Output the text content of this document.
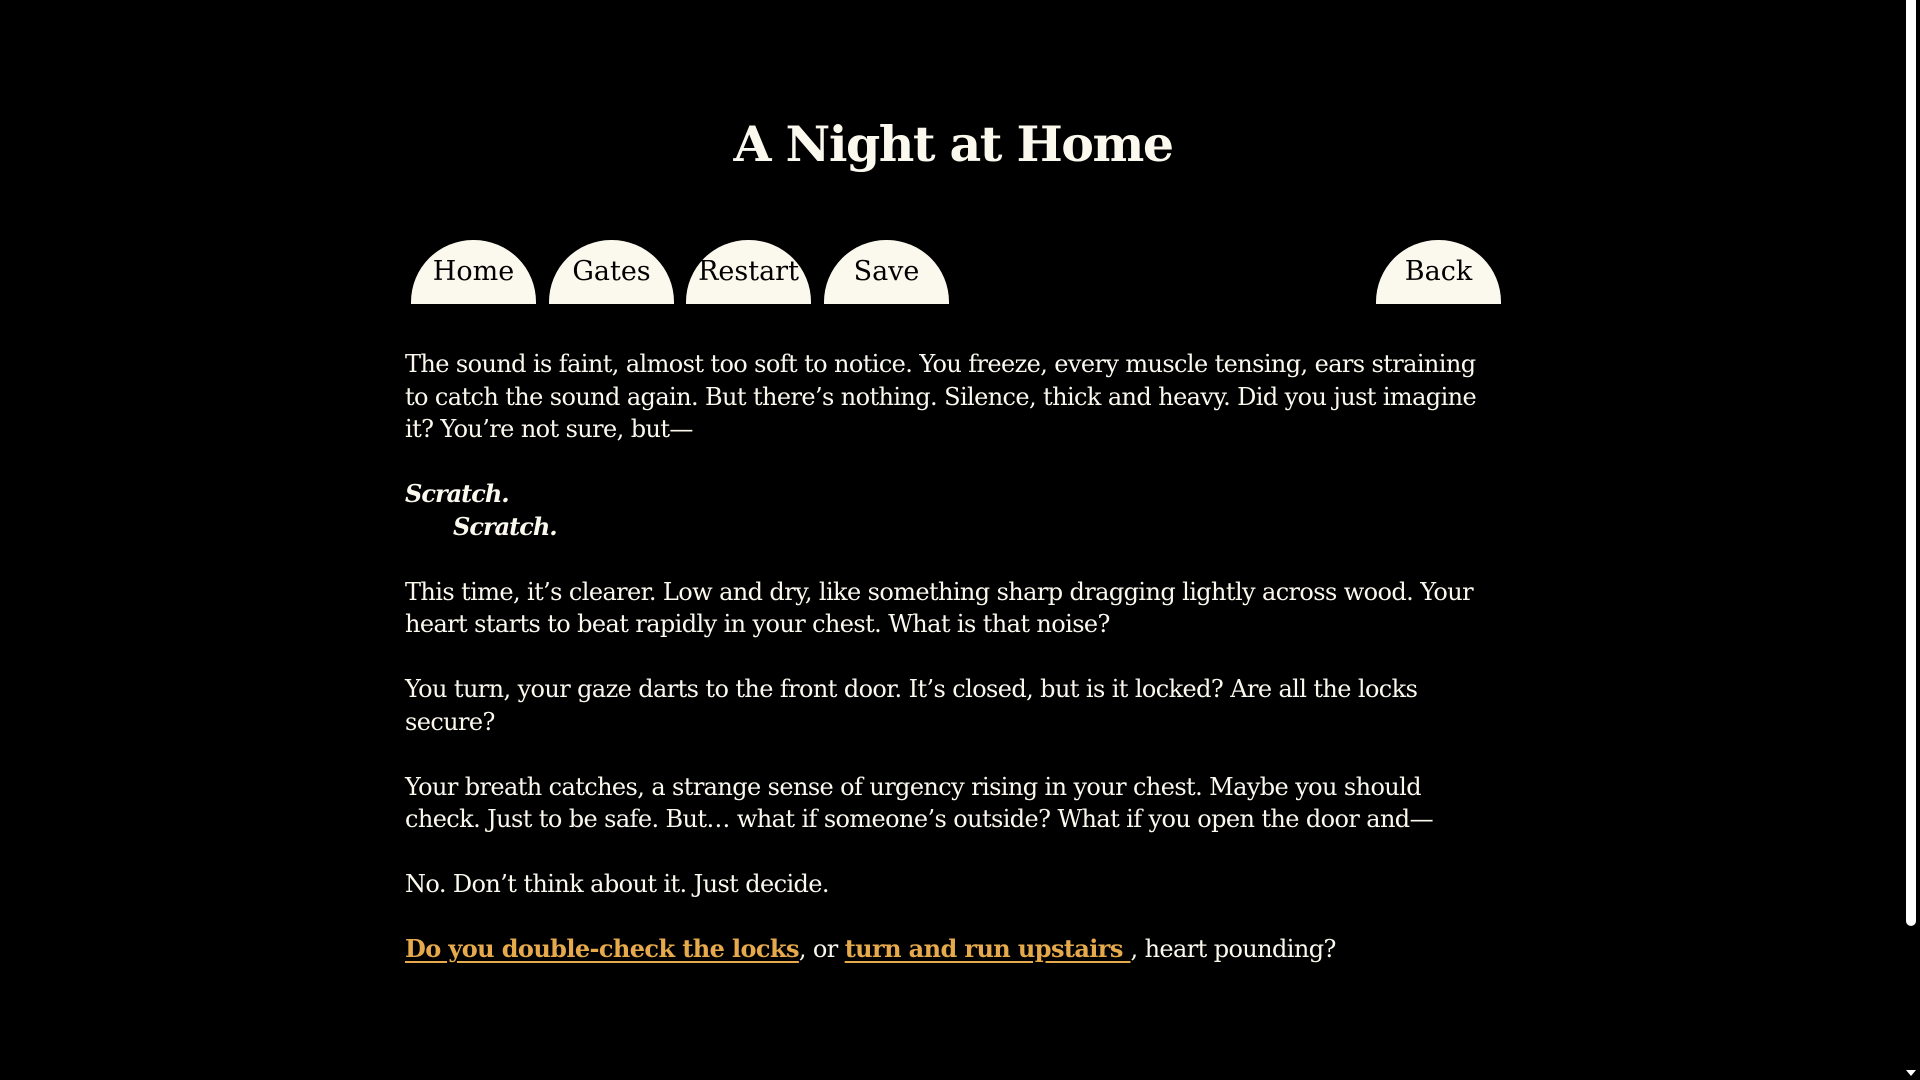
A Night at Home
Home	Gates	Restart	Save	Back

The sound is faint, almost too soft to notice. You freeze, every muscle tensing, ears straining to catch the sound again. But there’s nothing. Silence, thick and heavy. Did you just imagine it? You’re not sure, but—

Scratch.
Scratch.

This time, it’s clearer. Low and dry, like something sharp dragging lightly across wood. Your heart starts to beat rapidly in your chest. What is that noise?

You turn, your gaze darts to the front door. It’s closed, but is it locked? Are all the locks secure?

Your breath catches, a strange sense of urgency rising in your chest. Maybe you should check. Just to be safe. But… what if someone’s outside? What if you open the door and—

No. Don’t think about it. Just decide.

Do you double-check the locks, or turn and run upstairs , heart pounding?
